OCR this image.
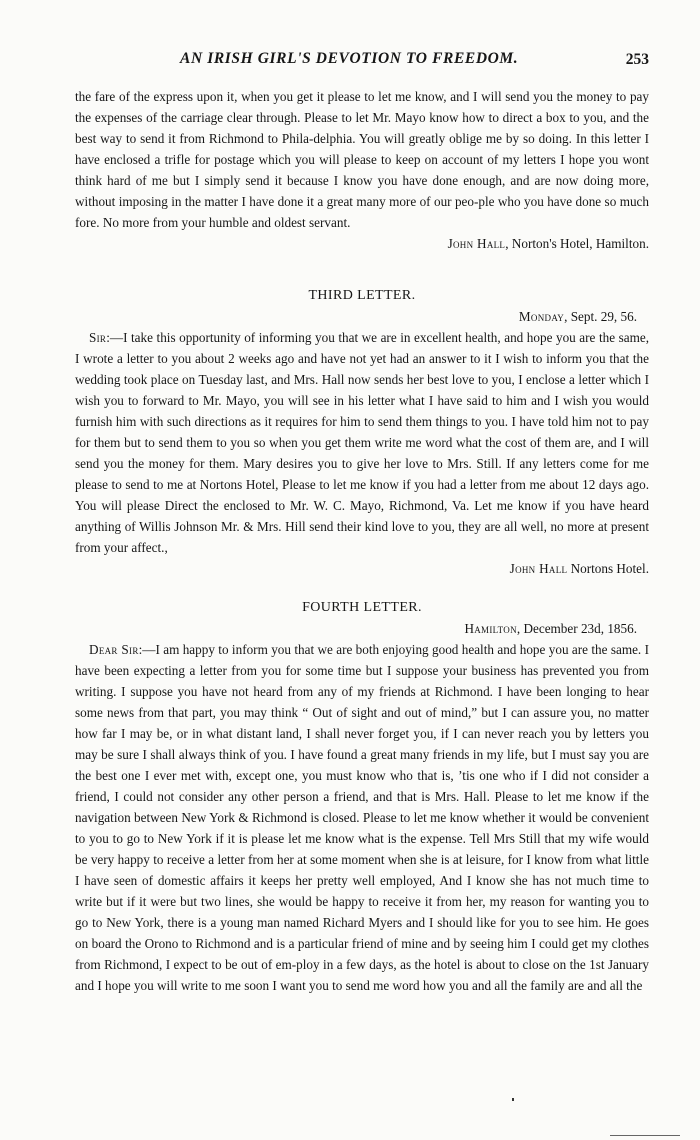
AN IRISH GIRL'S DEVOTION TO FREEDOM.	253

the fare of the express upon it, when you get it please to let me know, and I will send you the money to pay the expenses of the carriage clear through. Please to let Mr. Mayo know how to direct a box to you, and the best way to send it from Richmond to Phila-delphia. You will greatly oblige me by so doing. In this letter I have enclosed a trifle for postage which you will please to keep on account of my letters I hope you wont think hard of me but I simply send it because I know you have done enough, and are now doing more, without imposing in the matter I have done it a great many more of our peo-ple who you have done so much fore. No more from your humble and oldest servant.

John Hall, Norton's Hotel, Hamilton.

THIRD LETTER.

Monday, Sept. 29, 56.

Sir:—I take this opportunity of informing you that we are in excellent health, and hope you are the same, I wrote a letter to you about 2 weeks ago and have not yet had an answer to it I wish to inform you that the wedding took place on Tuesday last, and Mrs. Hall now sends her best love to you, I enclose a letter which I wish you to forward to Mr. Mayo, you will see in his letter what I have said to him and I wish you would furnish him with such directions as it requires for him to send them things to you. I have told him not to pay for them but to send them to you so when you get them write me word what the cost of them are, and I will send you the money for them. Mary desires you to give her love to Mrs. Still. If any letters come for me please to send to me at Nortons Hotel, Please to let me know if you had a letter from me about 12 days ago. You will please Direct the enclosed to Mr. W. C. Mayo, Richmond, Va. Let me know if you have heard anything of Willis Johnson Mr. & Mrs. Hill send their kind love to you, they are all well, no more at present from your affect.,

John Hall Nortons Hotel.

FOURTH LETTER.

Hamilton, December 23d, 1856.

Dear Sir:—I am happy to inform you that we are both enjoying good health and hope you are the same. I have been expecting a letter from you for some time but I suppose your business has prevented you from writing. I suppose you have not heard from any of my friends at Richmond. I have been longing to hear some news from that part, you may think “ Out of sight and out of mind,” but I can assure you, no matter how far I may be, or in what distant land, I shall never forget you, if I can never reach you by letters you may be sure I shall always think of you. I have found a great many friends in my life, but I must say you are the best one I ever met with, except one, you must know who that is, ’tis one who if I did not consider a friend, I could not consider any other person a friend, and that is Mrs. Hall. Please to let me know if the navigation between New York & Richmond is closed. Please to let me know whether it would be convenient to you to go to New York if it is please let me know what is the expense. Tell Mrs Still that my wife would be very happy to receive a letter from her at some moment when she is at leisure, for I know from what little I have seen of domestic affairs it keeps her pretty well employed, And I know she has not much time to write but if it were but two lines, she would be happy to receive it from her, my reason for wanting you to go to New York, there is a young man named Richard Myers and I should like for you to see him. He goes on board the Orono to Richmond and is a particular friend of mine and by seeing him I could get my clothes from Richmond, I expect to be out of em-ploy in a few days, as the hotel is about to close on the 1st January and I hope you will write to me soon I want you to send me word how you and all the family are and all the
